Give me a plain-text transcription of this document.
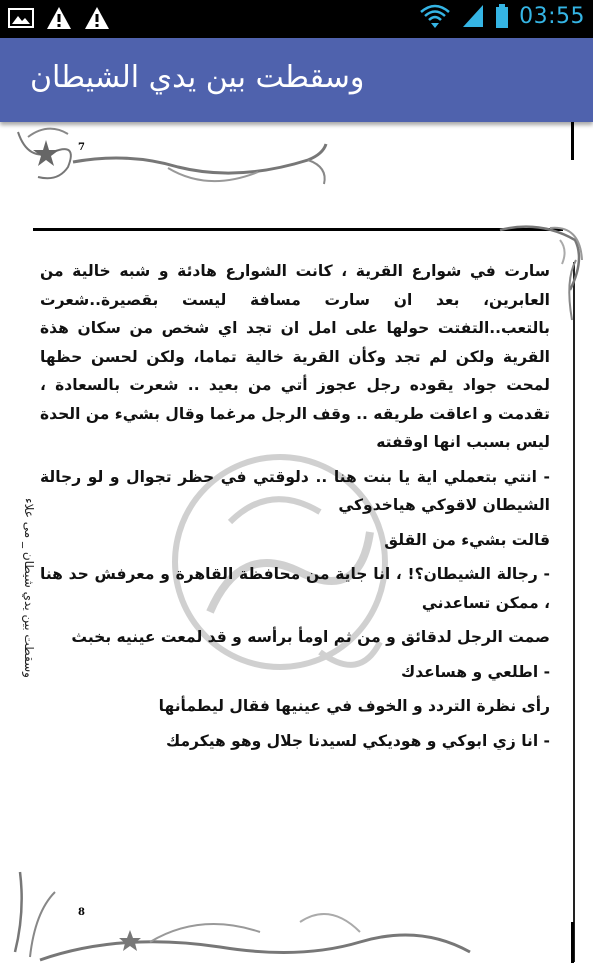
03:55
وسقطت بين يدي الشيطان
7
وسقطت بين يدي شيطان _ مى علاء

سارت في شوارع القرية ، كانت الشوارع هادئة و شبه خالية من العابرين، بعد ان سارت مسافة ليست بقصيرة..شعرت بالتعب..التفتت حولها على امل ان تجد اي شخص من سكان هذة القرية ولكن لم تجد وكأن القرية خالية تماما، ولكن لحسن حظها لمحت جواد يقوده رجل عجوز أتي من بعيد .. شعرت بالسعادة ، تقدمت و اعاقت طريقه .. وقف الرجل مرغما وقال بشيء من الحدة ليس بسبب انها اوقفته

- انتي بتعملي اية يا بنت هنا .. دلوقتي في حظر تجوال و لو رجالة الشيطان لاقوكي هياخدوكي

قالت بشيء من القلق

- رجالة الشيطان؟! ، انا جاية من محافظة القاهرة و معرفش حد هنا ، ممكن تساعدني

صمت الرجل لدقائق و من ثم اومأ برأسه و قد لمعت عينيه بخبث

- اطلعي و هساعدك

رأى نظرة التردد و الخوف في عينيها فقال ليطمأنها

- انا زي ابوكي و هوديكي لسيدنا جلال وهو هيكرمك

8
